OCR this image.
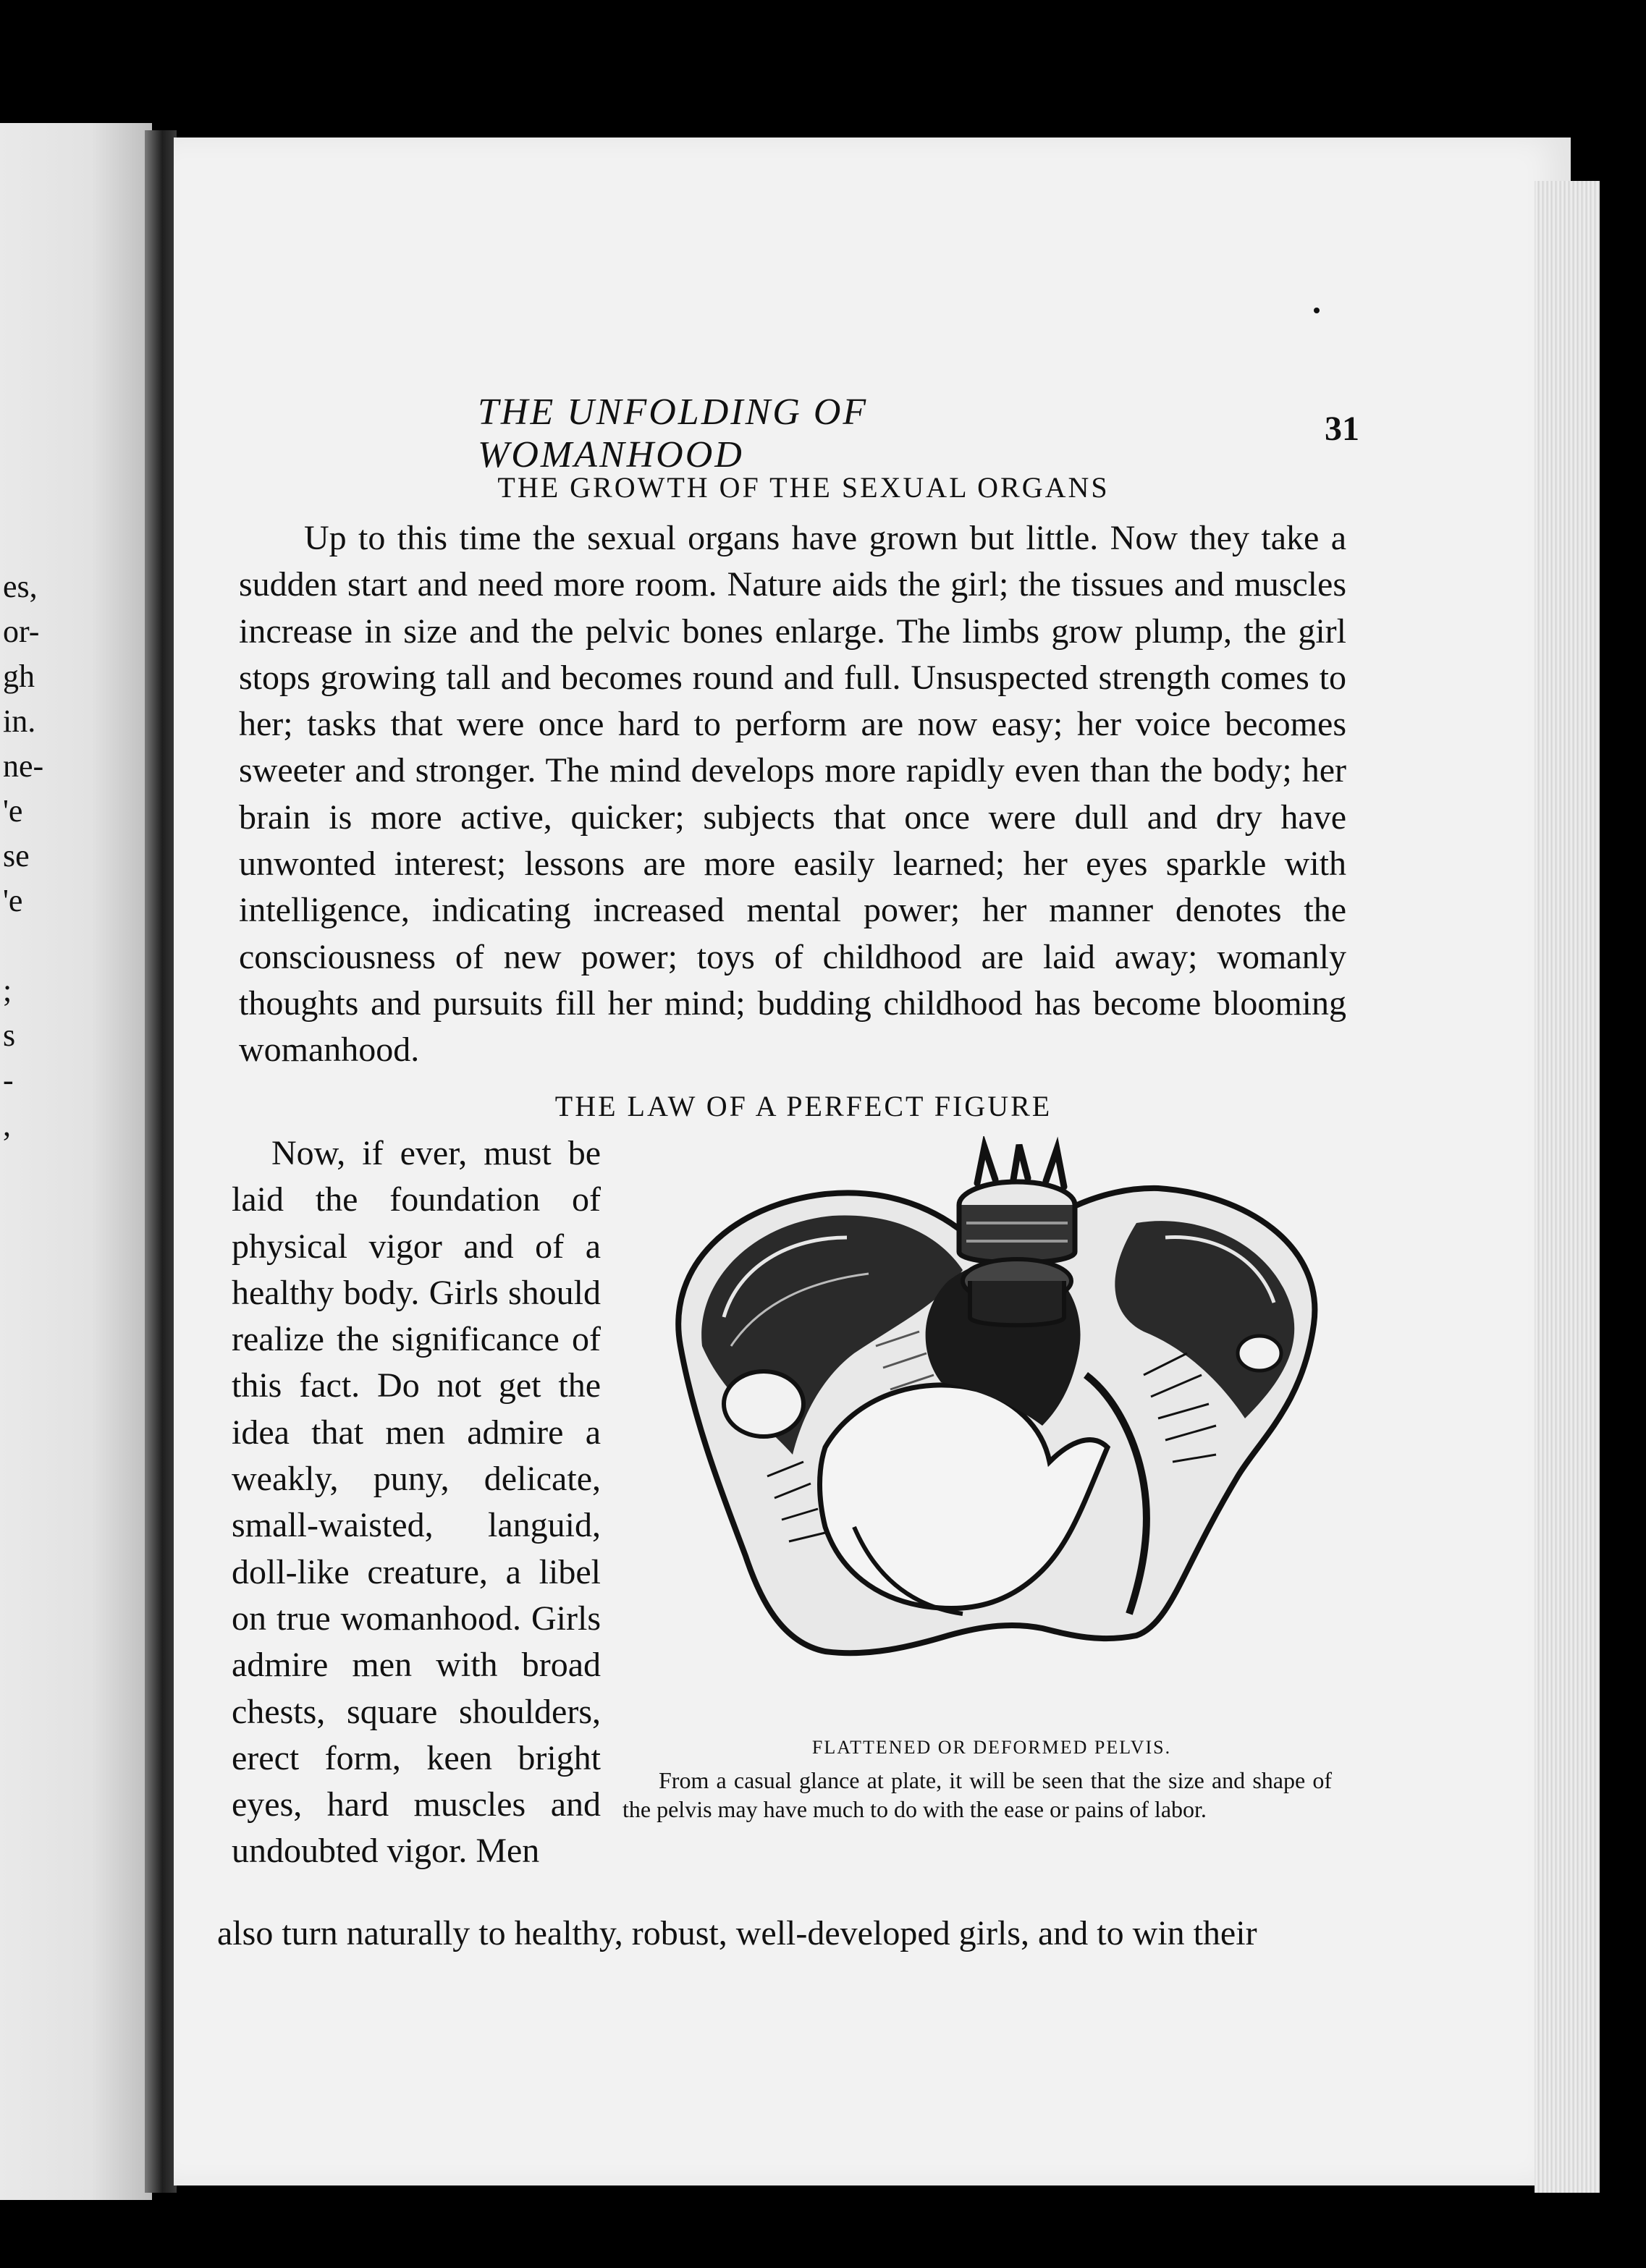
es,
or-
gh
in.
ne-
'e
se
'e
;
s
-
,
THE UNFOLDING OF WOMANHOOD
31
THE GROWTH OF THE SEXUAL ORGANS

Up to this time the sexual organs have grown but little. Now they take a sudden start and need more room. Nature aids the girl; the tissues and muscles increase in size and the pelvic bones enlarge. The limbs grow plump, the girl stops growing tall and becomes round and full. Unsuspected strength comes to her; tasks that were once hard to perform are now easy; her voice becomes sweeter and stronger. The mind develops more rapidly even than the body; her brain is more active, quicker; subjects that once were dull and dry have unwonted interest; lessons are more easily learned; her eyes sparkle with intelligence, indicating increased mental power; her manner denotes the consciousness of new power; toys of childhood are laid away; womanly thoughts and pursuits fill her mind; budding childhood has become blooming womanhood.

THE LAW OF A PERFECT FIGURE

Now, if ever, must be laid the foundation of physical vigor and of a healthy body. Girls should realize the significance of this fact. Do not get the idea that men admire a weakly, puny, delicate, small-waisted, languid, doll-like creature, a libel on true womanhood. Girls admire men with broad chests, square shoulders, erect form, keen bright eyes, hard muscles and undoubted vigor. Men

FLATTENED OR DEFORMED PELVIS.
From a casual glance at plate, it will be seen that the size and shape of the pelvis may have much to do with the ease or pains of labor.

also turn naturally to healthy, robust, well-developed girls, and to win their
